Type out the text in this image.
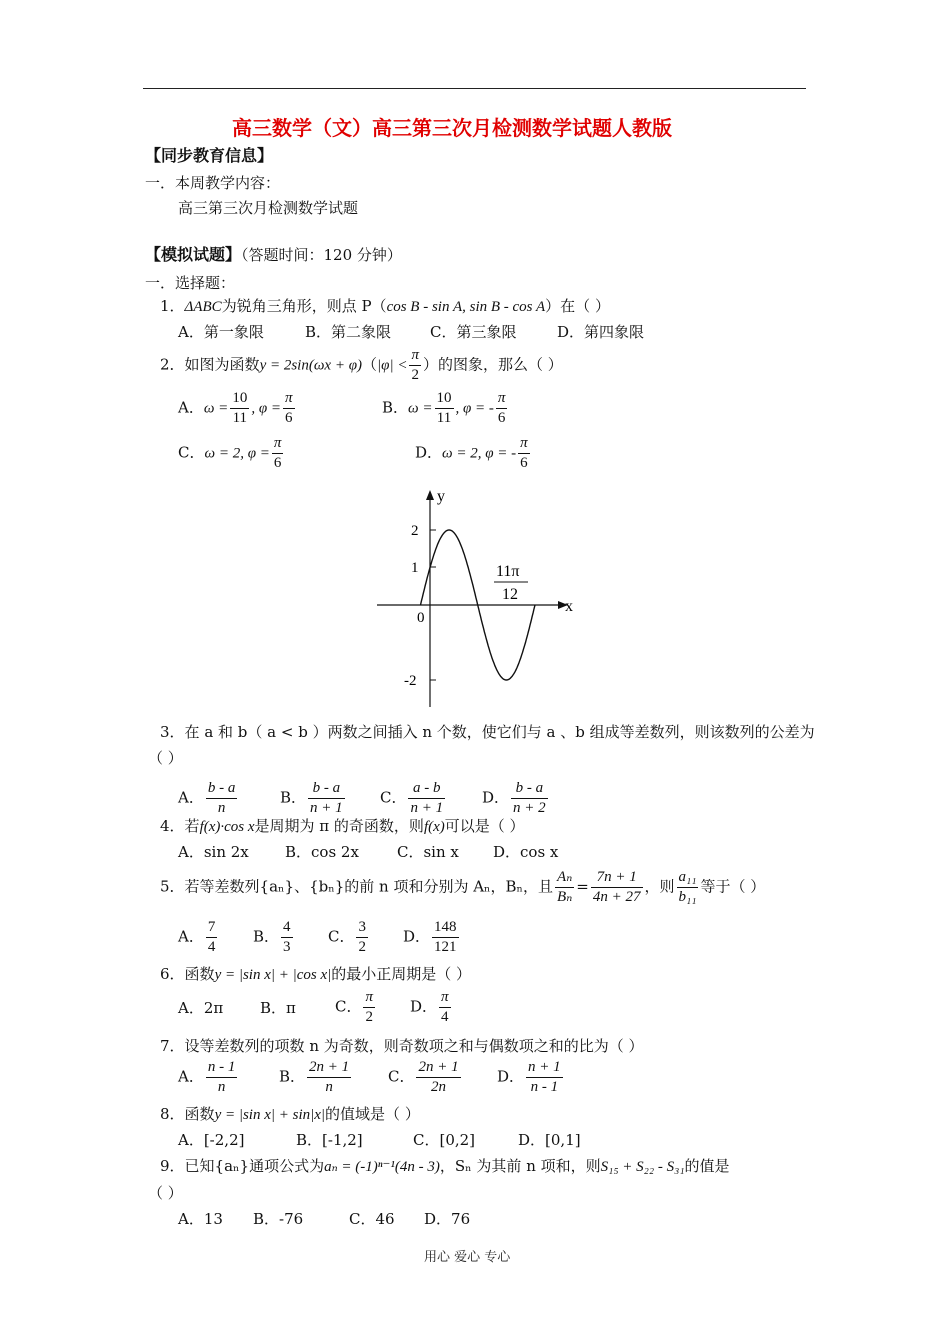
高三数学（文）高三第三次月检测数学试题人教版
【同步教育信息】
一．本周教学内容：
高三第三次月检测数学试题
【模拟试题】（答题时间：120 分钟）
一．选择题：
1．ΔABC为锐角三角形，则点 P（cos B - sin A, sin B - cos A）在（ ）
A．第一象限	B．第二象限	C．第三象限	D．第四象限
2．如图为函数$y = 2\sin(\omega x + \varphi)(|\varphi| < \frac{\pi}{2}$ ）的图象，那么（ ）
A．$\omega = \frac{10}{11}$ , $\varphi = \frac{\pi}{6}$	B．$\omega = \frac{10}{11}$ , φ = - $\frac{\pi}{6}$
C．ω = 2, $\varphi = \frac{\pi}{6}$	D．ω = 2, φ = - $\frac{\pi}{6}$
y
x
0
2
1
-2
11π
12
3．在 a 和 b（ a < b ）两数之间插入 n 个数，使它们与 a 、b 组成等差数列，则该数列的公差为
（ ）
A． $\frac{b - a}{n}$	B． $\frac{b - a}{n + 1}$ C． $\frac{a - b}{n + 1}$ D． $\frac{b - a}{n + 2}$
4．若f(x)·cos x是周期为 π 的奇函数，则f(x)可以是（ ）
A．sin 2x B．cos 2x	C．sin x D．cos x
5．若等差数列{aₙ}、{bₙ}的前 n 项和分别为 Aₙ，Bₙ，且 $\frac{\text{Aₙ}}{\text{Bₙ}} = \frac{7n + 1}{4n + 27}$ ，则 $\frac{\text{a₁₁}}{\text{b₁₁}}$ 等于（ ）
A． $\frac{7}{4}$ B． $\frac{4}{3}$ C． $\frac{3}{2}$ D． $\frac{148}{121}$
6．函数y = |sin x| + |cos x|的最小正周期是（ ）
A．2π B．π	C． $\frac{\pi}{2}$ D． $\frac{\pi}{4}$
7．设等差数列的项数 n 为奇数，则奇数项之和与偶数项之和的比为（ ）
A． $\frac{n - 1}{n}$	B． $\frac{2n + 1}{n}$ C． $\frac{2n + 1}{2n}$ D． $\frac{n + 1}{n - 1}$
8．函数y = |sin x| + sin|x|的值域是（ ）
A．[-2,2]	B．[-1,2]	C．[0,2]	D．[0,1]
9．已知{aₙ}通项公式为aₙ = (-1)ⁿ⁻¹(4n - 3)，Sₙ 为其前 n 项和，则S₁₅ + S₂₂ - S₃₁的值是
（ ）
A．13 B．-76	C．46 D．76
用心 爱心 专心
